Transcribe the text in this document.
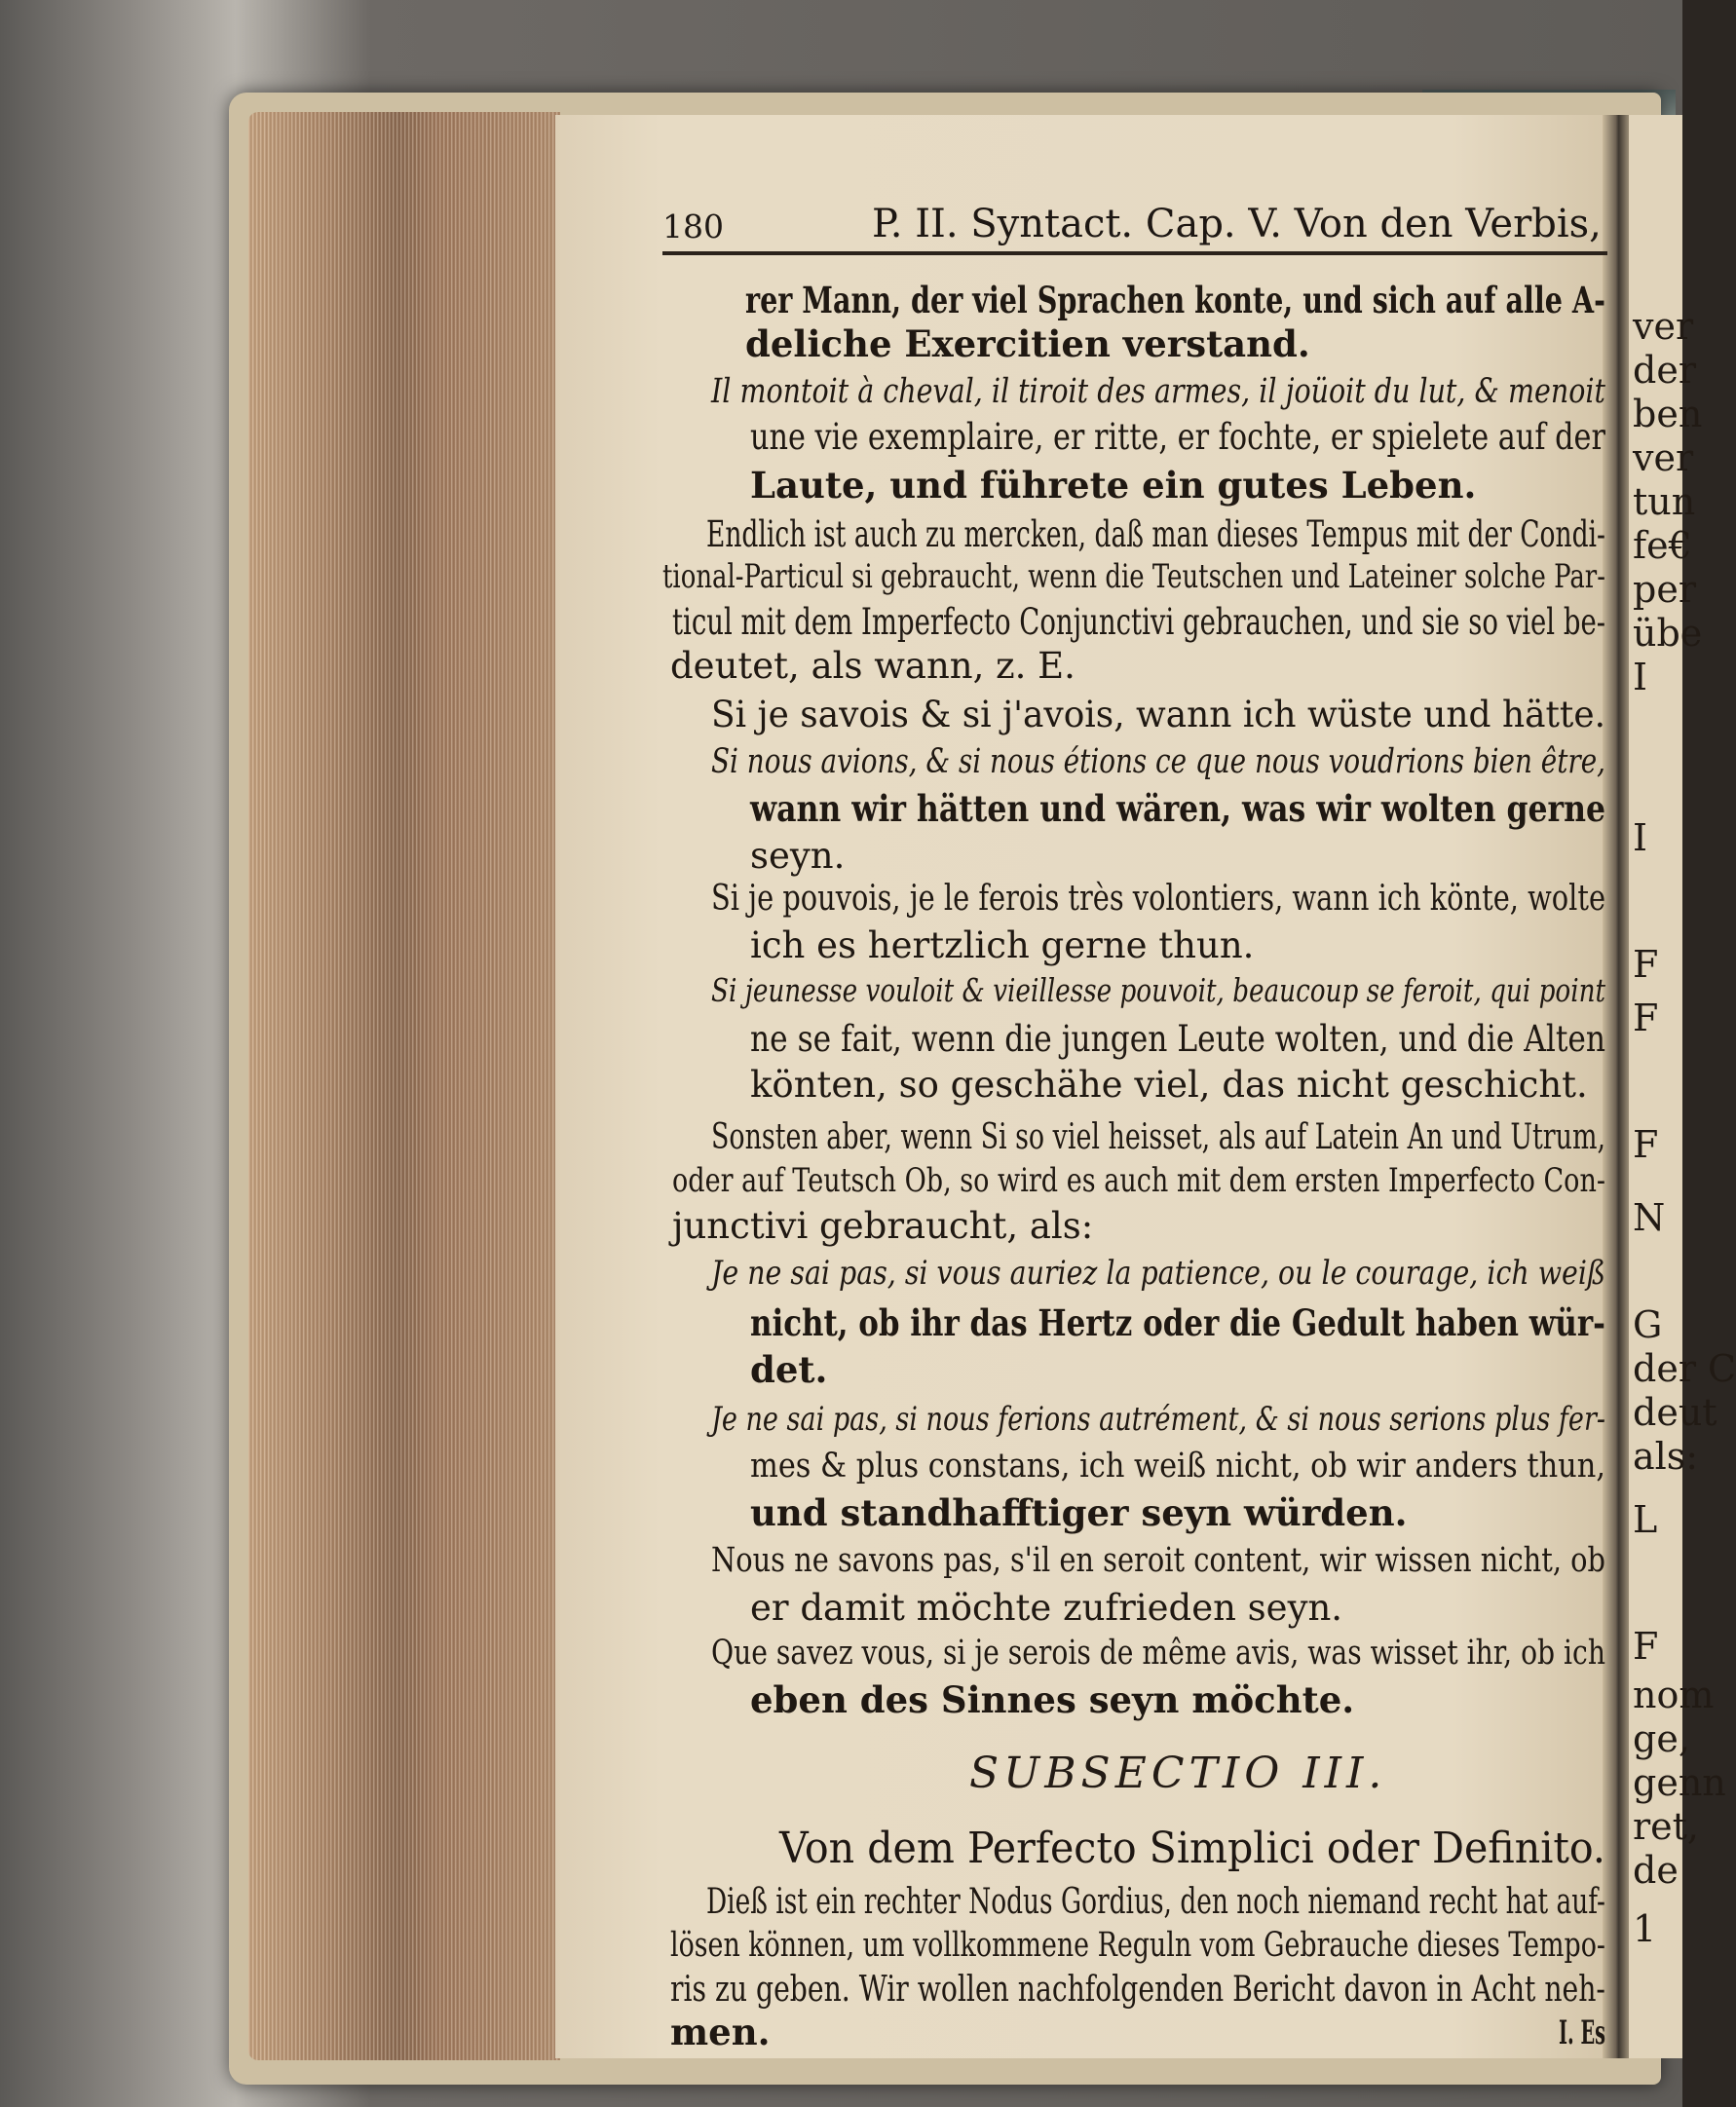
ver
der
ben
ver
tun
fe€
per
übe
I
I
F
F
F
N
G
der C
deut
als:
L
F
nom
ge,
genn
ret,
de
1
180	P. II. Syntact. Cap. V. Von den Verbis,
rer Mann, der viel Sprachen konte, und sich auf alle A-
deliche Exercitien verstand.
Il montoit à cheval, il tiroit des armes, il joüoit du lut, & menoit
une vie exemplaire, er ritte, er fochte, er spielete auf der
Laute, und führete ein gutes Leben.
Endlich ist auch zu mercken, daß man dieses Tempus mit der Condi-
tional-Particul si gebraucht, wenn die Teutschen und Lateiner solche Par-
ticul mit dem Imperfecto Conjunctivi gebrauchen, und sie so viel be-
deutet, als wann, z. E.
Si je savois & si j'avois, wann ich wüste und hätte.
Si nous avions, & si nous étions ce que nous voudrions bien être,
wann wir hätten und wären, was wir wolten gerne
seyn.
Si je pouvois, je le ferois très volontiers, wann ich könte, wolte
ich es hertzlich gerne thun.
Si jeunesse vouloit & vieillesse pouvoit, beaucoup se feroit, qui point
ne se fait, wenn die jungen Leute wolten, und die Alten
könten, so geschähe viel, das nicht geschicht.
Sonsten aber, wenn Si so viel heisset, als auf Latein An und Utrum,
oder auf Teutsch Ob, so wird es auch mit dem ersten Imperfecto Con-
junctivi gebraucht, als:
Je ne sai pas, si vous auriez la patience, ou le courage, ich weiß
nicht, ob ihr das Hertz oder die Gedult haben wür-
det.
Je ne sai pas, si nous ferions autrément, & si nous serions plus fer-
mes & plus constans, ich weiß nicht, ob wir anders thun,
und standhafftiger seyn würden.
Nous ne savons pas, s'il en seroit content, wir wissen nicht, ob
er damit möchte zufrieden seyn.
Que savez vous, si je serois de même avis, was wisset ihr, ob ich
eben des Sinnes seyn möchte.
SUBSECTIO III.
Von dem Perfecto Simplici oder Definito.
Dieß ist ein rechter Nodus Gordius, den noch niemand recht hat auf-
lösen können, um vollkommene Reguln vom Gebrauche dieses Tempo-
ris zu geben. Wir wollen nachfolgenden Bericht davon in Acht neh-
men.	I. Es
